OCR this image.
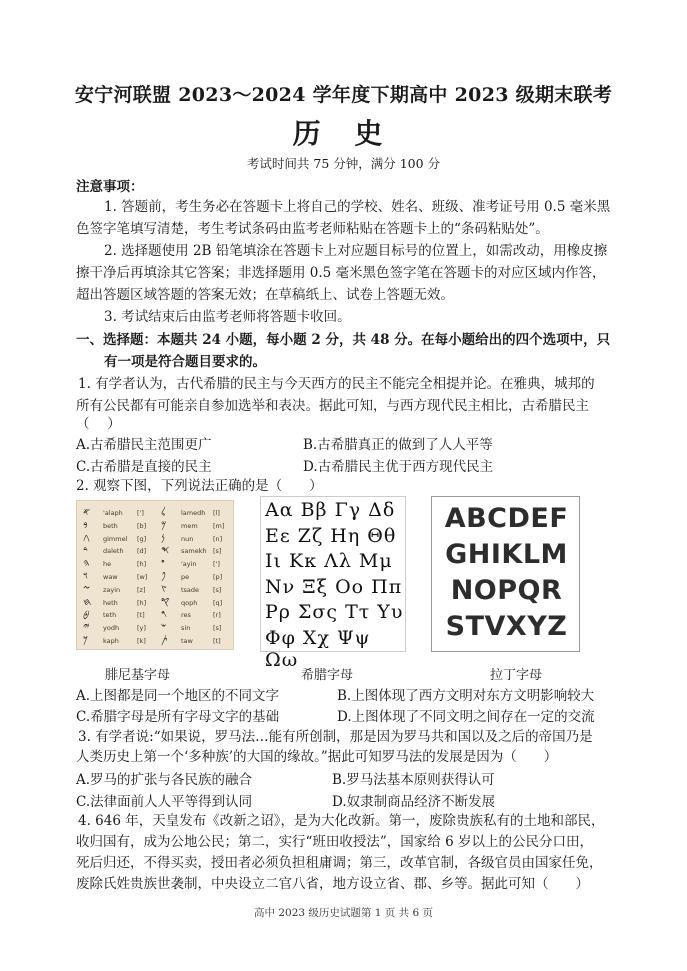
安宁河联盟 2023～2024 学年度下期高中 2023 级期末联考
历 史
考试时间共 75 分钟，满分 100 分
注意事项：
1. 答题前，考生务必在答题卡上将自己的学校、姓名、班级、准考证号用 0.5 毫米黑
色签字笔填写清楚，考生考试条码由监考老师粘贴在答题卡上的“条码粘贴处”。
2. 选择题使用 2B 铅笔填涂在答题卡上对应题目标号的位置上，如需改动，用橡皮擦
擦干净后再填涂其它答案；非选择题用 0.5 毫米黑色签字笔在答题卡的对应区域内作答，
超出答题区域答题的答案无效；在草稿纸上、试卷上答题无效。
3. 考试结束后由监考老师将答题卡收回。
一、选择题：本题共 24 小题，每小题 2 分，共 48 分。在每小题给出的四个选项中，只
有一项是符合题目要求的。
1. 有学者认为，古代希腊的民主与今天西方的民主不能完全相提并论。在雅典，城邦的
所有公民都有可能亲自参加选举和表决。据此可知，与西方现代民主相比，古希腊民主
（　 ）
A.古希腊民主范围更广	B.古希腊真正的做到了人人平等
C.古希腊是直接的民主	D.古希腊民主优于西方现代民主
2. 观察下图，下列说法正确的是（　　）
𐤀 'alaph ['] 𐤋 lamedh [l]
𐤁 beth	[b] 𐤌 mem [m]
𐤂 gimmel [g] 𐤍 nun	[n]
𐤃 daleth [d] 𐤎 samekh [s]
𐤄 he	[h] 𐤏	'ayin	[']
𐤅 waw	[w] 𐤐 pe	[p]
𐤆 zayin	[z] 𐤑 tsade [s]
𐤇 heth	[h] 𐤒 qoph [q]
𐤈 teth	[t] 𐤓 res	[r]
𐤉 yodh	[y] 𐤔 sin	[s]
𐤊 kaph	[k] 𐤕 taw	[t]
Αα Ββ Γγ Δδ
Εε Ζζ Ηη Θθ
Ιι Κκ Λλ Μμ
Νν Ξξ Οο Ππ
Ρρ Σσς Ττ Υυ
Φφ Χχ Ψψ Ωω
ABCDEF
GHIKLM
NOPQR
STVXYZ
腓尼基字母	希腊字母	拉丁字母
A.上图都是同一个地区的不同文字	B.上图体现了西方文明对东方文明影响较大
C.希腊字母是所有字母文字的基础	D.上图体现了不同文明之间存在一定的交流
3. 有学者说:“如果说，罗马法…能有所创制，那是因为罗马共和国以及之后的帝国乃是
人类历史上第一个‘多种族’的大国的缘故。”据此可知罗马法的发展是因为（　　）
A.罗马的扩张与各民族的融合	B.罗马法基本原则获得认可
C.法律面前人人平等得到认同	D.奴隶制商品经济不断发展
4. 646 年，天皇发布《改新之诏》，是为大化改新。第一，废除贵族私有的土地和部民，
收归国有，成为公地公民；第二，实行“班田收授法”，国家给 6 岁以上的公民分口田，
死后归还，不得买卖，授田者必须负担租庸调；第三，改革官制，各级官员由国家任免，
废除氏姓贵族世袭制，中央设立二官八省，地方设立省、郡、乡等。据此可知（　　）
高中 2023 级历史试题第 1 页 共 6 页
